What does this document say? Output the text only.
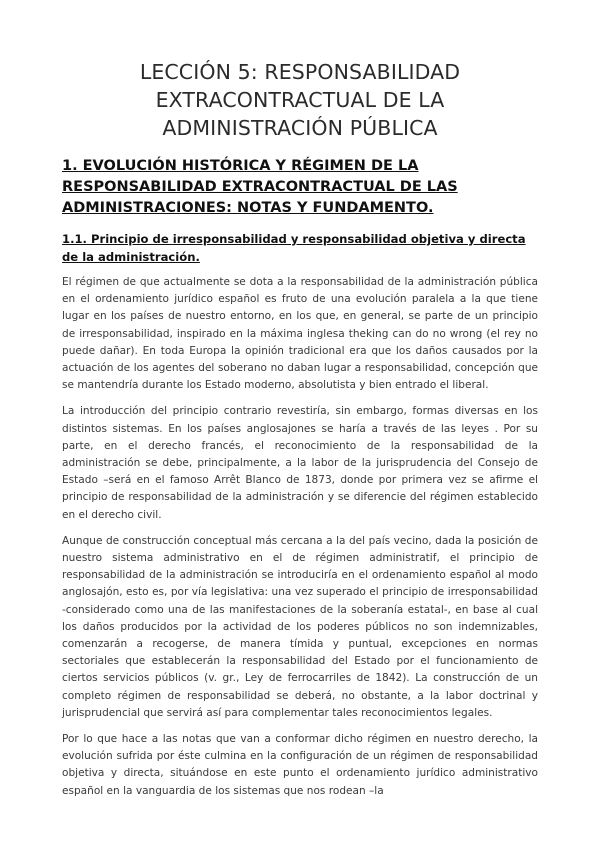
LECCIÓN 5: RESPONSABILIDAD EXTRACONTRACTUAL DE LA ADMINISTRACIÓN PÚBLICA
1. EVOLUCIÓN HISTÓRICA Y RÉGIMEN DE LA RESPONSABILIDAD EXTRACONTRACTUAL DE LAS ADMINISTRACIONES: NOTAS Y FUNDAMENTO.
1.1. Principio de irresponsabilidad y responsabilidad objetiva y directa de la administración.

El régimen de que actualmente se dota a la responsabilidad de la administración pública en el ordenamiento jurídico español es fruto de una evolución paralela a la que tiene lugar en los países de nuestro entorno, en los que, en general, se parte de un principio de irresponsabilidad, inspirado en la máxima inglesa theking can do no wrong (el rey no puede dañar). En toda Europa la opinión tradicional era que los daños causados por la actuación de los agentes del soberano no daban lugar a responsabilidad, concepción que se mantendría durante los Estado moderno, absolutista y bien entrado el liberal.

La introducción del principio contrario revestiría, sin embargo, formas diversas en los distintos sistemas. En los países anglosajones se haría a través de las leyes . Por su parte, en el derecho francés, el reconocimiento de la responsabilidad de la administración se debe, principalmente, a la labor de la jurisprudencia del Consejo de Estado –será en el famoso Arrêt Blanco de 1873, donde por primera vez se afirme el principio de responsabilidad de la administración y se diferencie del régimen establecido en el derecho civil.

Aunque de construcción conceptual más cercana a la del país vecino, dada la posición de nuestro sistema administrativo en el de régimen administratif, el principio de responsabilidad de la administración se introduciría en el ordenamiento español al modo anglosajón, esto es, por vía legislativa: una vez superado el principio de irresponsabilidad -considerado como una de las manifestaciones de la soberanía estatal-, en base al cual los daños producidos por la actividad de los poderes públicos no son indemnizables, comenzarán a recogerse, de manera tímida y puntual, excepciones en normas sectoriales que establecerán la responsabilidad del Estado por el funcionamiento de ciertos servicios públicos (v. gr., Ley de ferrocarriles de 1842). La construcción de un completo régimen de responsabilidad se deberá, no obstante, a la labor doctrinal y jurisprudencial que servirá así para complementar tales reconocimientos legales.

Por lo que hace a las notas que van a conformar dicho régimen en nuestro derecho, la evolución sufrida por éste culmina en la configuración de un régimen de responsabilidad objetiva y directa, situándose en este punto el ordenamiento jurídico administrativo español en la vanguardia de los sistemas que nos rodean –la
